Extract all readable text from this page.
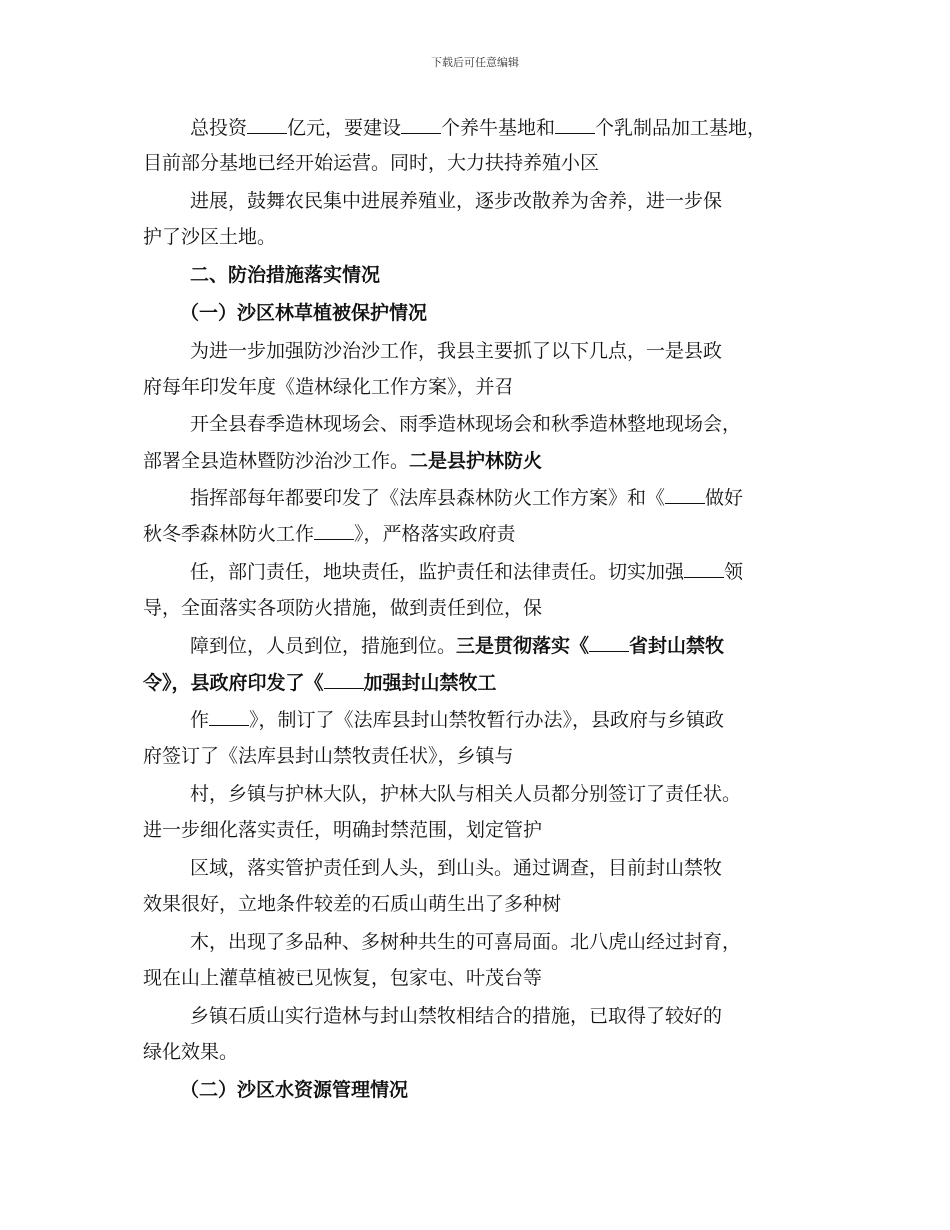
下载后可任意编辑
总投资 亿元，要建设 个养牛基地和 个乳制品加工基地，
目前部分基地已经开始运营。同时，大力扶持养殖小区
进展，鼓舞农民集中进展养殖业，逐步改散养为舍养，进一步保
护了沙区土地。
二、防治措施落实情况
（一）沙区林草植被保护情况
为进一步加强防沙治沙工作，我县主要抓了以下几点，一是县政
府每年印发年度《造林绿化工作方案》，并召
开全县春季造林现场会、雨季造林现场会和秋季造林整地现场会，
部署全县造林暨防沙治沙工作。二是县护林防火
指挥部每年都要印发了《法库县森林防火工作方案》和《 做好
秋冬季森林防火工作 》，严格落实政府责
任，部门责任，地块责任，监护责任和法律责任。切实加强 领
导，全面落实各项防火措施，做到责任到位，保
障到位，人员到位，措施到位。三是贯彻落实《 省封山禁牧
令》，县政府印发了《 加强封山禁牧工
作 》，制订了《法库县封山禁牧暂行办法》，县政府与乡镇政
府签订了《法库县封山禁牧责任状》，乡镇与
村，乡镇与护林大队，护林大队与相关人员都分别签订了责任状。
进一步细化落实责任，明确封禁范围，划定管护
区域，落实管护责任到人头，到山头。通过调查，目前封山禁牧
效果很好，立地条件较差的石质山萌生出了多种树
木，出现了多品种、多树种共生的可喜局面。北八虎山经过封育，
现在山上灌草植被已见恢复，包家屯、叶茂台等
乡镇石质山实行造林与封山禁牧相结合的措施，已取得了较好的
绿化效果。
（二）沙区水资源管理情况
